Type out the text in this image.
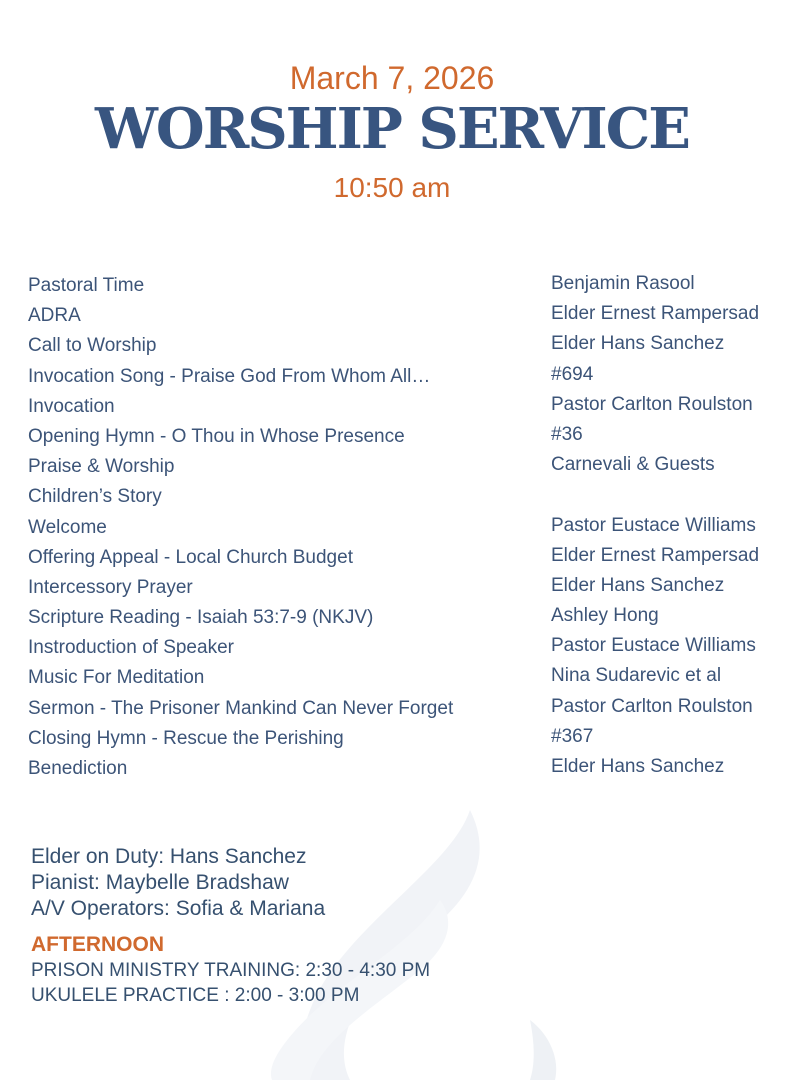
March 7, 2026
WORSHIP SERVICE
10:50 am
Pastoral Time
ADRA
Call to Worship
Invocation Song - Praise God From Whom All…
Invocation
Opening Hymn - O Thou in Whose Presence
Praise & Worship
Children’s Story
Welcome
Offering Appeal - Local Church Budget
Intercessory Prayer
Scripture Reading - Isaiah 53:7-9 (NKJV)
Instroduction of Speaker
Music For Meditation
Sermon - The Prisoner Mankind Can Never Forget
Closing Hymn - Rescue the Perishing
Benediction
Benjamin Rasool
Elder Ernest Rampersad
Elder Hans Sanchez
#694
Pastor Carlton Roulston
#36
Carnevali & Guests
Pastor Eustace Williams
Elder Ernest Rampersad
Elder Hans Sanchez
Ashley Hong
Pastor Eustace Williams
Nina Sudarevic et al
Pastor Carlton Roulston
#367
Elder Hans Sanchez
Elder on Duty: Hans Sanchez
Pianist: Maybelle Bradshaw
A/V Operators: Sofia & Mariana
AFTERNOON
PRISON MINISTRY TRAINING: 2:30 - 4:30 PM
UKULELE PRACTICE : 2:00 - 3:00 PM
